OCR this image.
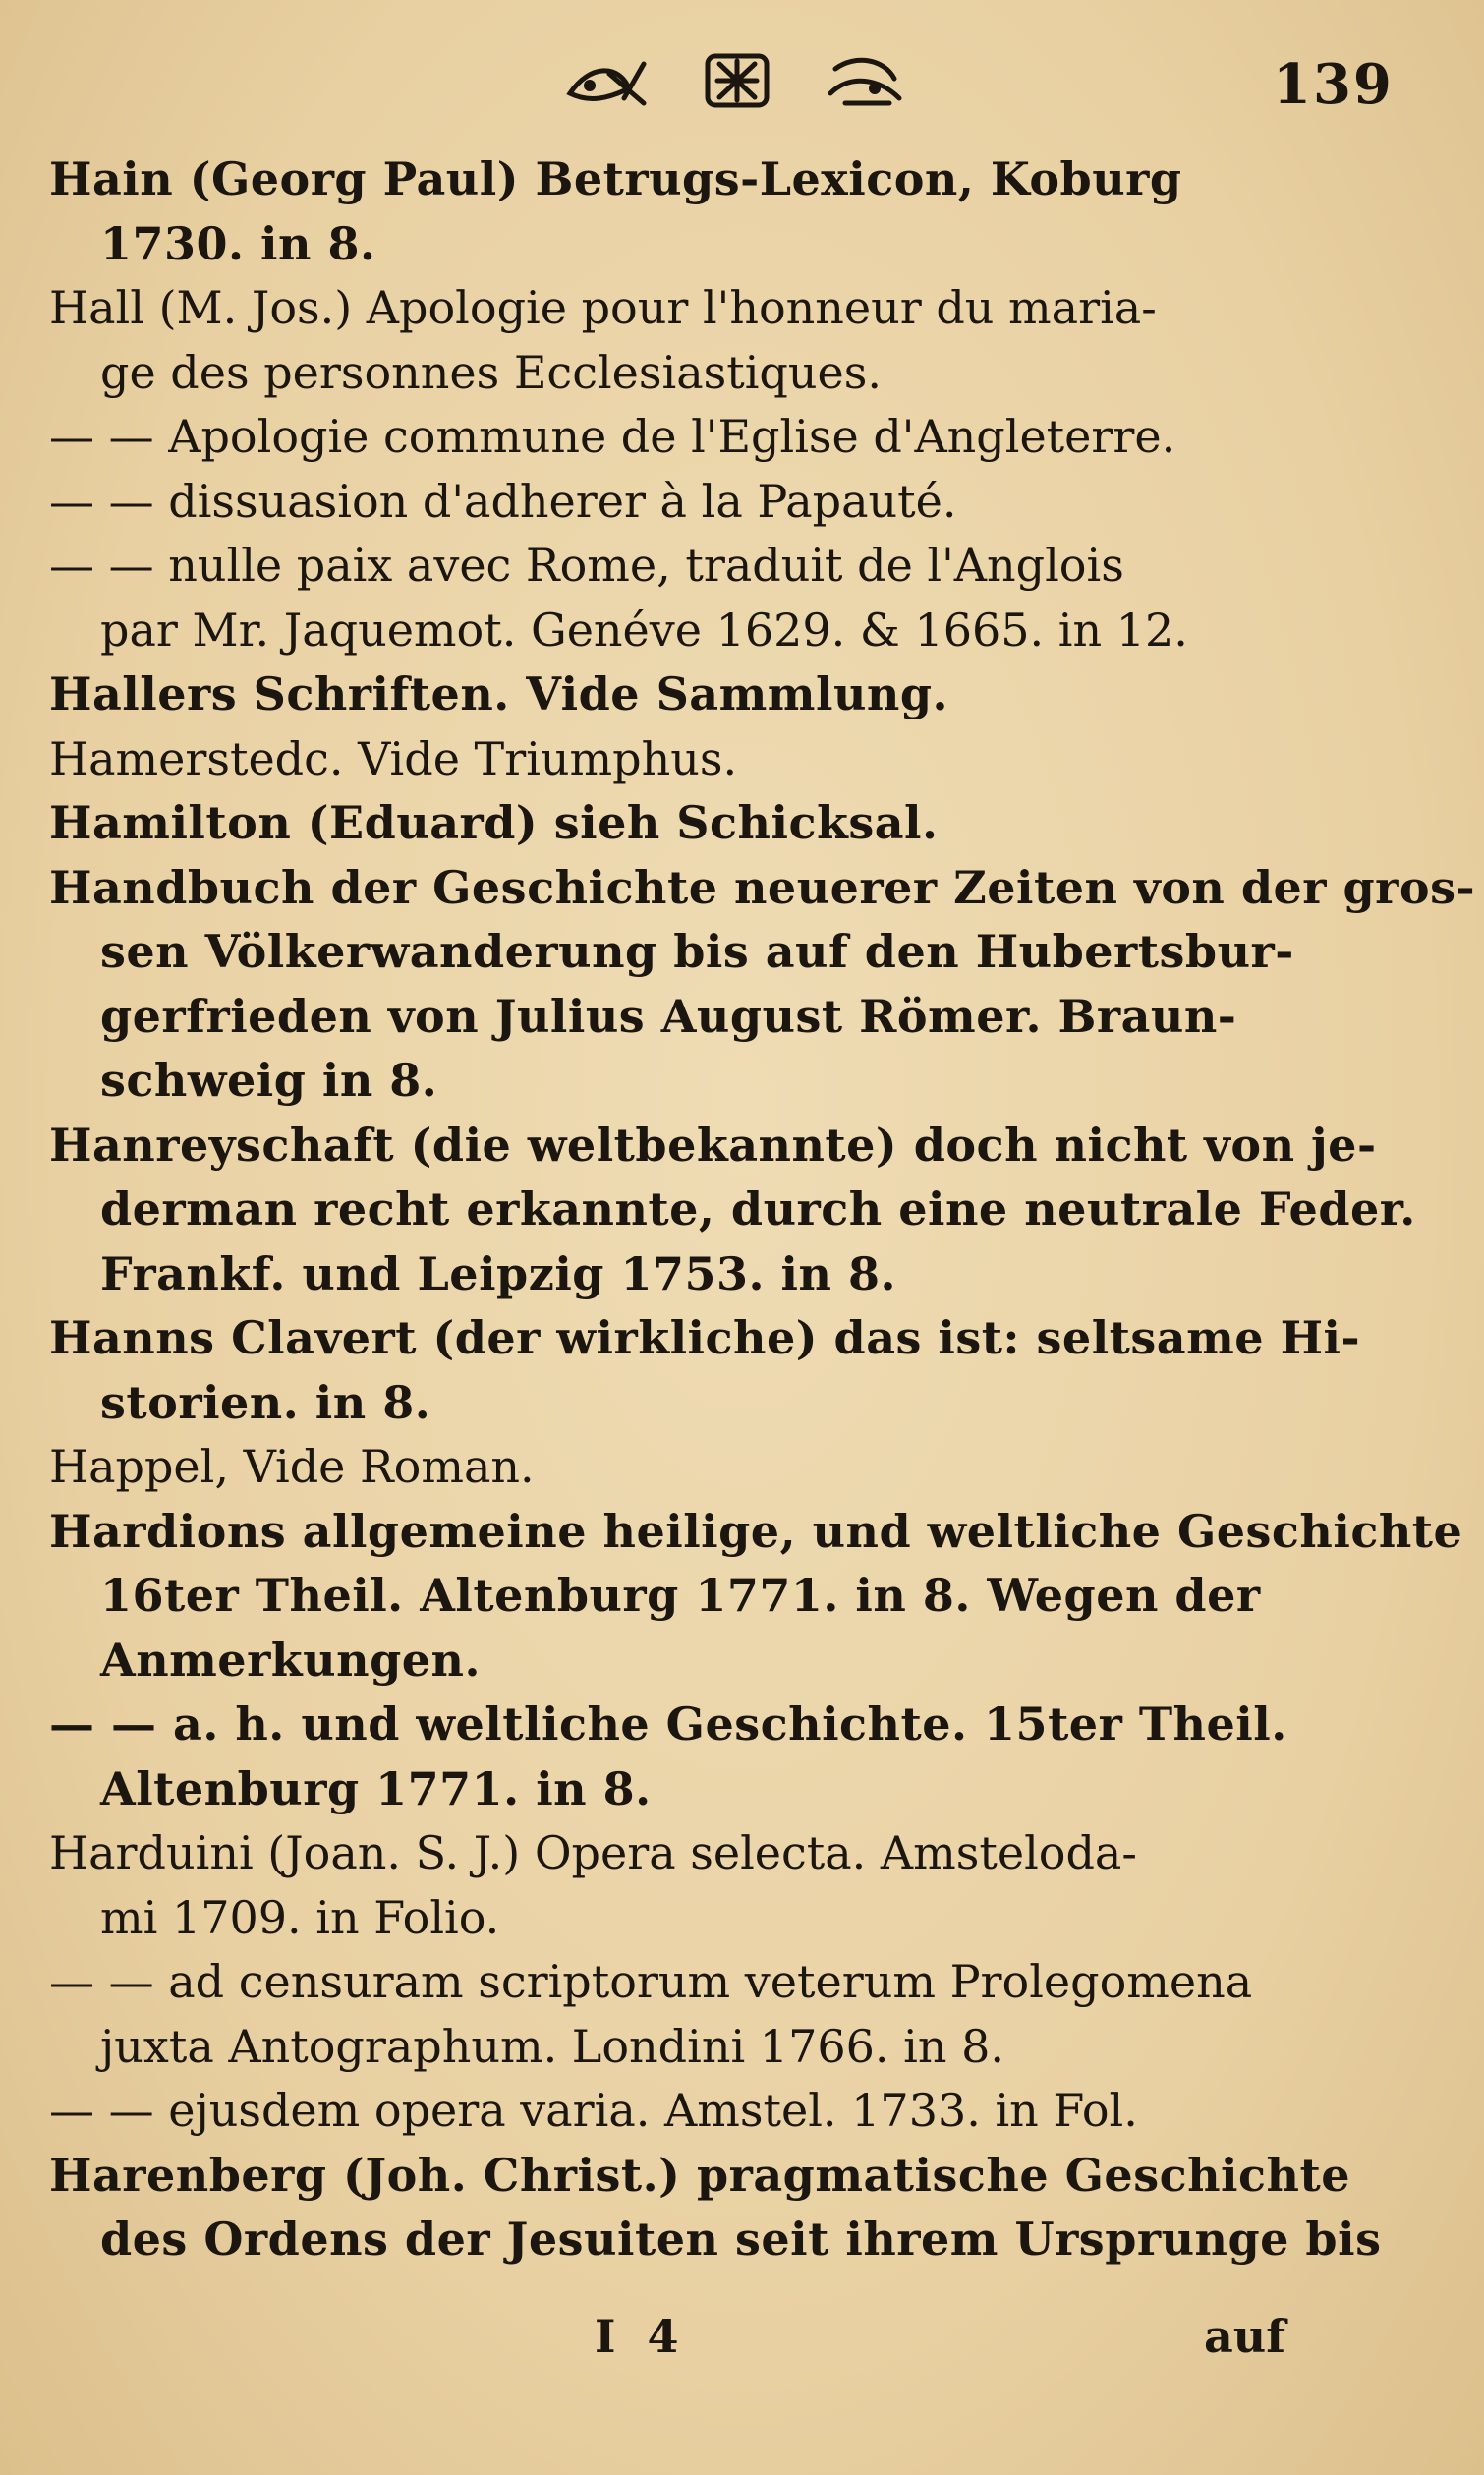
139
Hain (Georg Paul) Betrugs-Lexicon, Koburg
1730. in 8.
Hall (M. Jos.) Apologie pour l'honneur du maria-
ge des personnes Ecclesiastiques.
— — Apologie commune de l'Eglise d'Angleterre.
— — dissuasion d'adherer à la Papauté.
— — nulle paix avec Rome, traduit de l'Anglois
par Mr. Jaquemot. Genéve 1629. & 1665. in 12.
Hallers Schriften. Vide Sammlung.
Hamerstedc. Vide Triumphus.
Hamilton (Eduard) sieh Schicksal.
Handbuch der Geschichte neuerer Zeiten von der gros-
sen Völkerwanderung bis auf den Hubertsbur-
gerfrieden von Julius August Römer. Braun-
schweig in 8.
Hanreyschaft (die weltbekannte) doch nicht von je-
derman recht erkannte, durch eine neutrale Feder.
Frankf. und Leipzig 1753. in 8.
Hanns Clavert (der wirkliche) das ist: seltsame Hi-
storien. in 8.
Happel, Vide Roman.
Hardions allgemeine heilige, und weltliche Geschichte
16ter Theil. Altenburg 1771. in 8. Wegen der
Anmerkungen.
— — a. h. und weltliche Geschichte. 15ter Theil.
Altenburg 1771. in 8.
Harduini (Joan. S. J.) Opera selecta. Amsteloda-
mi 1709. in Folio.
— — ad censuram scriptorum veterum Prolegomena
juxta Antographum. Londini 1766. in 8.
— — ejusdem opera varia. Amstel. 1733. in Fol.
Harenberg (Joh. Christ.) pragmatische Geschichte
des Ordens der Jesuiten seit ihrem Ursprunge bis
I 4	auf
